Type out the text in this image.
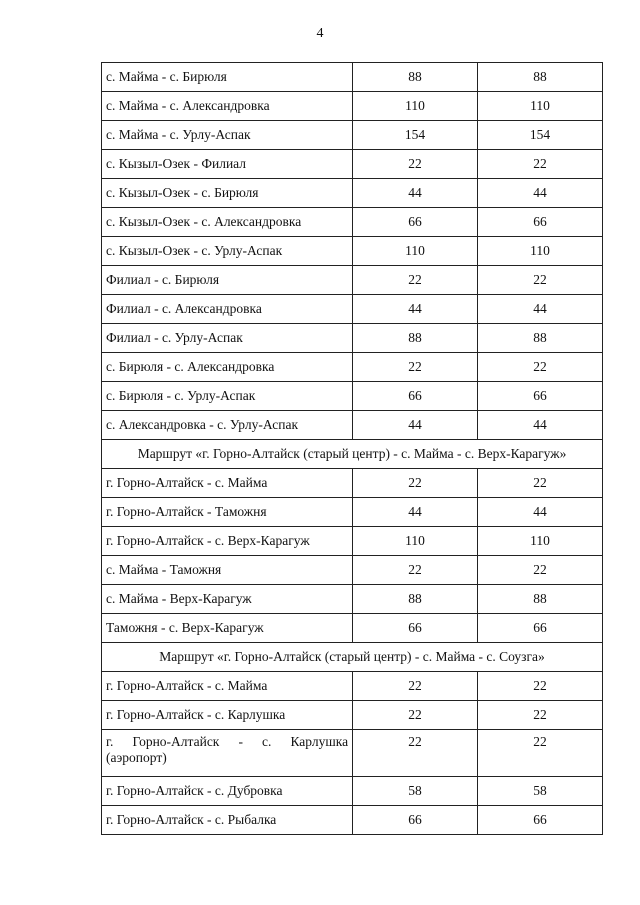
4
с. Майма - с. Бирюля	88	88
с. Майма - с. Александровка	110	110
с. Майма - с. Урлу-Аспак	154	154
с. Кызыл-Озек - Филиал	22	22
с. Кызыл-Озек - с. Бирюля	44	44
с. Кызыл-Озек - с. Александровка	66	66
с. Кызыл-Озек - с. Урлу-Аспак	110	110
Филиал - с. Бирюля	22	22
Филиал - с. Александровка	44	44
Филиал - с. Урлу-Аспак	88	88
с. Бирюля - с. Александровка	22	22
с. Бирюля - с. Урлу-Аспак	66	66
с. Александровка - с. Урлу-Аспак	44	44
Маршрут «г. Горно-Алтайск (старый центр) - с. Майма - с. Верх-Карагуж»		
г. Горно-Алтайск - с. Майма	22	22
г. Горно-Алтайск - Таможня	44	44
г. Горно-Алтайск - с. Верх-Карагуж	110	110
с. Майма - Таможня	22	22
с. Майма - Верх-Карагуж	88	88
Таможня - с. Верх-Карагуж	66	66
Маршрут «г. Горно-Алтайск (старый центр) - с. Майма - с. Соузга»		
г. Горно-Алтайск - с. Майма	22	22
г. Горно-Алтайск - с. Карлушка	22	22
г. Горно-Алтайск - с. Карлушка (аэропорт)	22	22
г. Горно-Алтайск - с. Дубровка	58	58
г. Горно-Алтайск - с. Рыбалка	66	66
